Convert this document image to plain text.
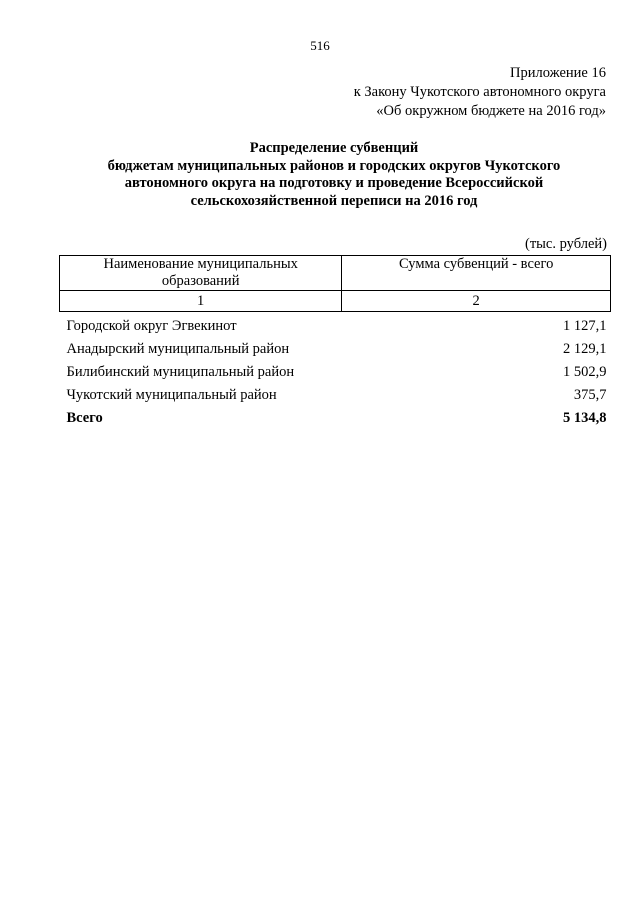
516
Приложение 16
к Закону Чукотского автономного округа
«Об окружном бюджете на 2016 год»
Распределение субвенций
бюджетам муниципальных районов и городских округов Чукотского
автономного округа на подготовку и проведение Всероссийской
сельскохозяйственной переписи на 2016 год
(тыс. рублей)
Наименование муниципальных
образований	Сумма субвенций - всего
1	2
Городской округ Эгвекинот	1 127,1
Анадырский муниципальный район	2 129,1
Билибинский муниципальный район	1 502,9
Чукотский муниципальный район	375,7
Всего	5 134,8
